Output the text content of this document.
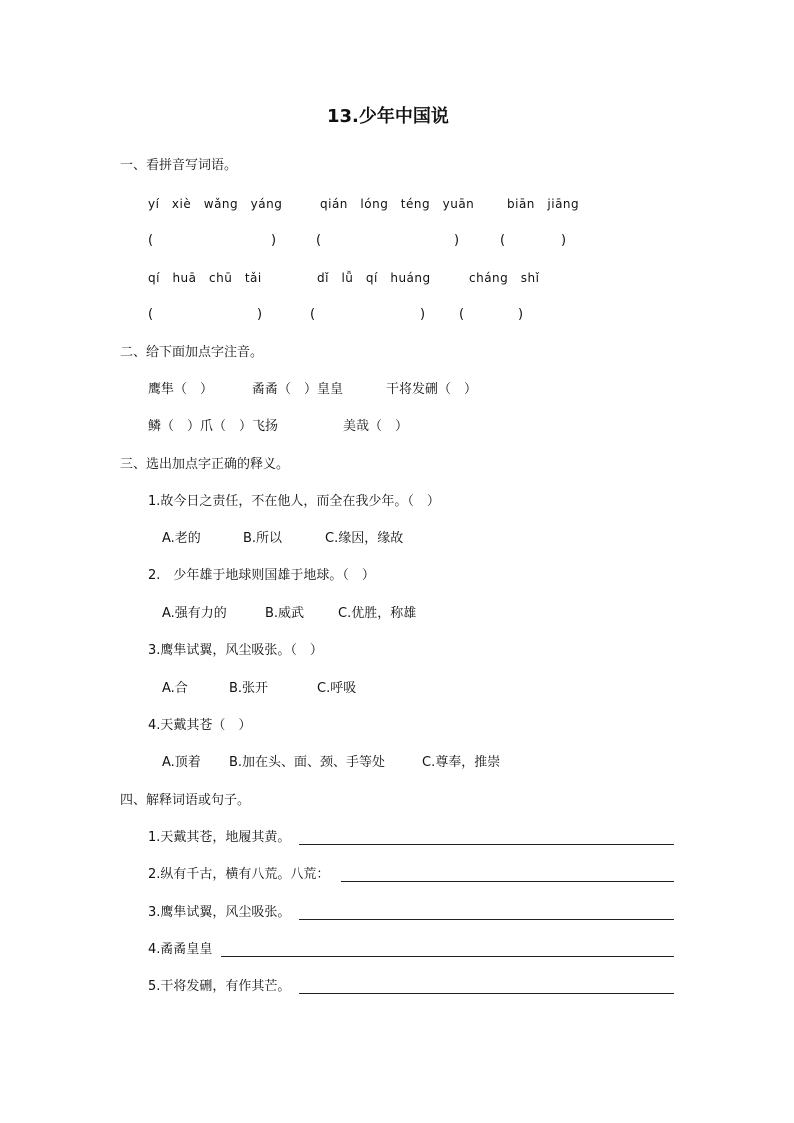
13.少年中国说
一、看拼音写词语。
yí　xiè　wǎng　yáng	qián　lóng　téng　yuān	biān　jiāng
(	)	(	)	(	)
qí　huā　chū　tǎi	dǐ　lǚ　qí　huáng	cháng　shǐ
(	)	(	)	(	)
二、给下面加点字注音。
鹰隼（　）	矞矞（　）皇皇	干将发硎（　）
鳞（　）爪（　）飞扬	美哉（　）
三、选出加点字正确的释义。
1.故今日之责任，不在他人，而全在我少年。（　）
A.老的	B.所以	C.缘因，缘故
2.　少年雄于地球则国雄于地球。（　）
A.强有力的	B.威武	C.优胜，称雄
3.鹰隼试翼，风尘吸张。（　）
A.合	B.张开	C.呼吸
4.天戴其苍（　）
A.顶着 B.加在头、面、颈、手等处	C.尊奉，推崇
四、解释词语或句子。
1.天戴其苍，地履其黄。
2.纵有千古，横有八荒。八荒：
3.鹰隼试翼，风尘吸张。
4.矞矞皇皇
5.干将发硎，有作其芒。
